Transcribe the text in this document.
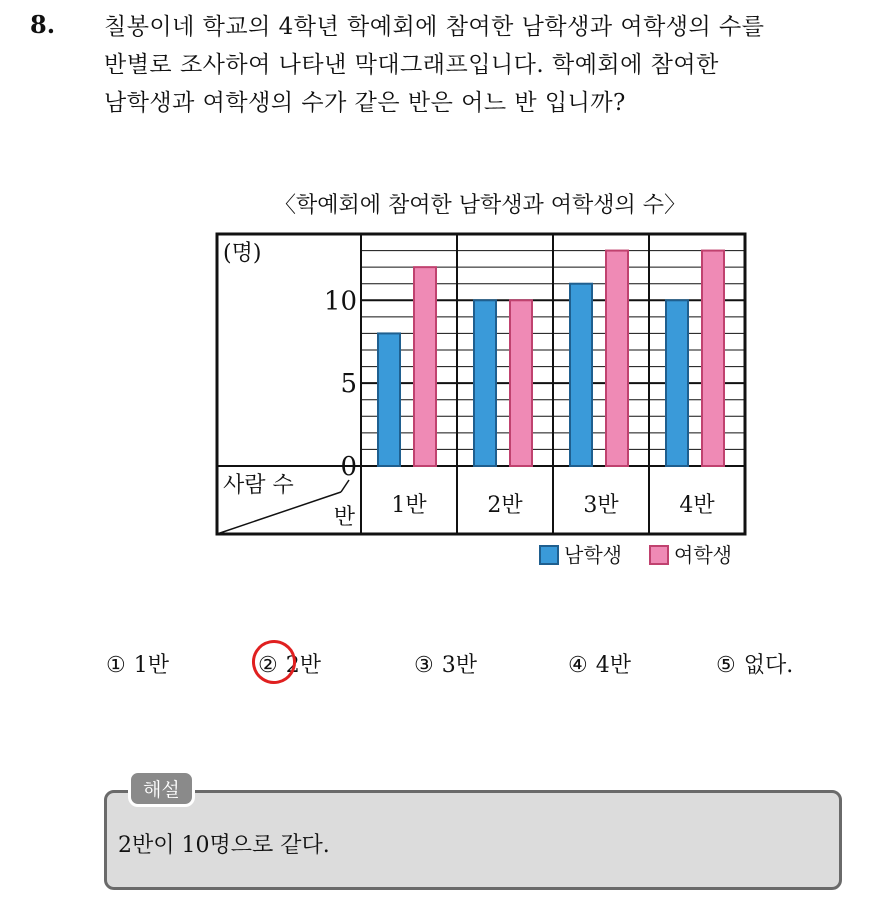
8. 칠봉이네 학교의 4학년 학예회에 참여한 남학생과 여학생의 수를
반별로 조사하여 나타낸 막대그래프입니다. 학예회에 참여한
남학생과 여학생의 수가 같은 반은 어느 반 입니까?
〈학예회에 참여한 남학생과 여학생의 수〉
0
5
10
(명)
1반	2반	3반	4반
사람 수
반
남학생	여학생
① 1반	② 2반	③ 3반	④ 4반	⑤ 없다.
해설
2반이 10명으로 같다.
